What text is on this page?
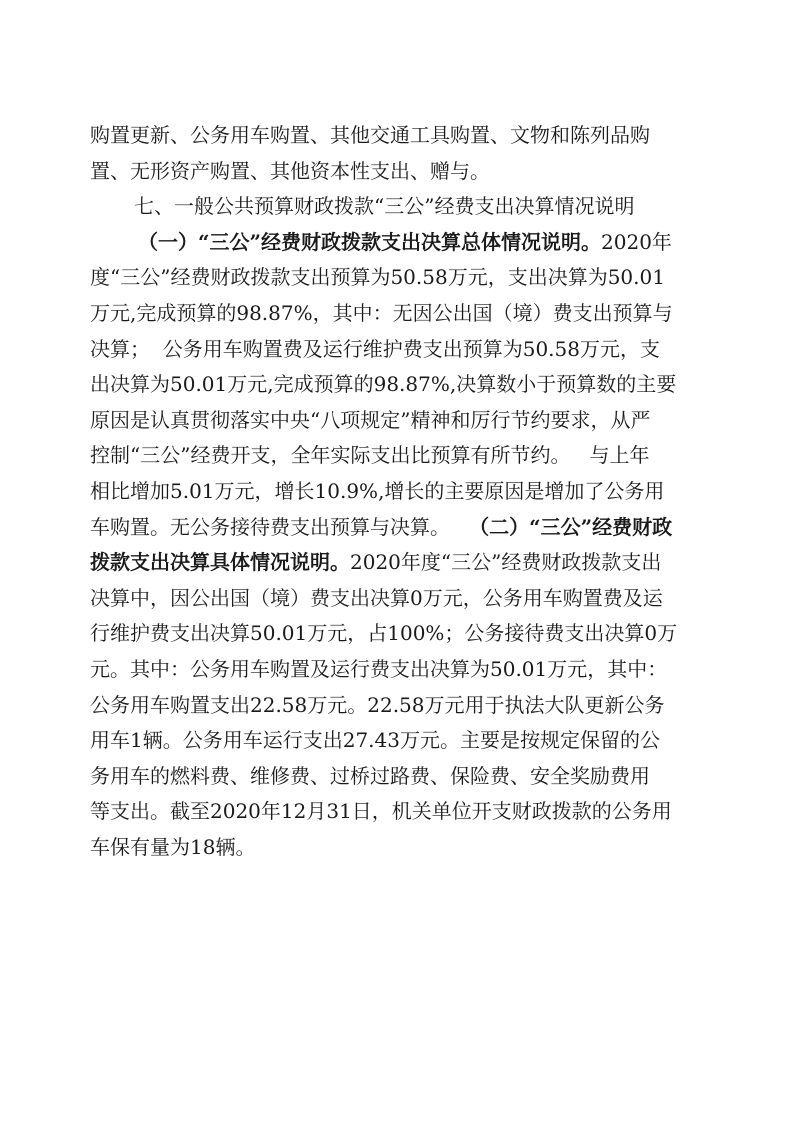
购置更新、公务用车购置、其他交通工具购置、文物和陈列品购
置、无形资产购置、其他资本性支出、赠与。
七、一般公共预算财政拨款“三公”经费支出决算情况说明
（一）“三公”经费财政拨款支出决算总体情况说明。2020年
度“三公”经费财政拨款支出预算为50.58万元，支出决算为50.01
万元,完成预算的98.87%，其中：无因公出国（境）费支出预算与
决算；  公务用车购置费及运行维护费支出预算为50.58万元，支
出决算为50.01万元,完成预算的98.87%,决算数小于预算数的主要
原因是认真贯彻落实中央“八项规定”精神和厉行节约要求，从严
控制“三公”经费开支，全年实际支出比预算有所节约。   与上年
相比增加5.01万元，增长10.9%,增长的主要原因是增加了公务用
车购置。无公务接待费支出预算与决算。   （二）“三公”经费财政
拨款支出决算具体情况说明。2020年度“三公”经费财政拨款支出
决算中，因公出国（境）费支出决算0万元，公务用车购置费及运
行维护费支出决算50.01万元，占100%；公务接待费支出决算0万
元。其中：公务用车购置及运行费支出决算为50.01万元，其中：
公务用车购置支出22.58万元。22.58万元用于执法大队更新公务
用车1辆。公务用车运行支出27.43万元。主要是按规定保留的公
务用车的燃料费、维修费、过桥过路费、保险费、安全奖励费用
等支出。截至2020年12月31日，机关单位开支财政拨款的公务用
车保有量为18辆。
